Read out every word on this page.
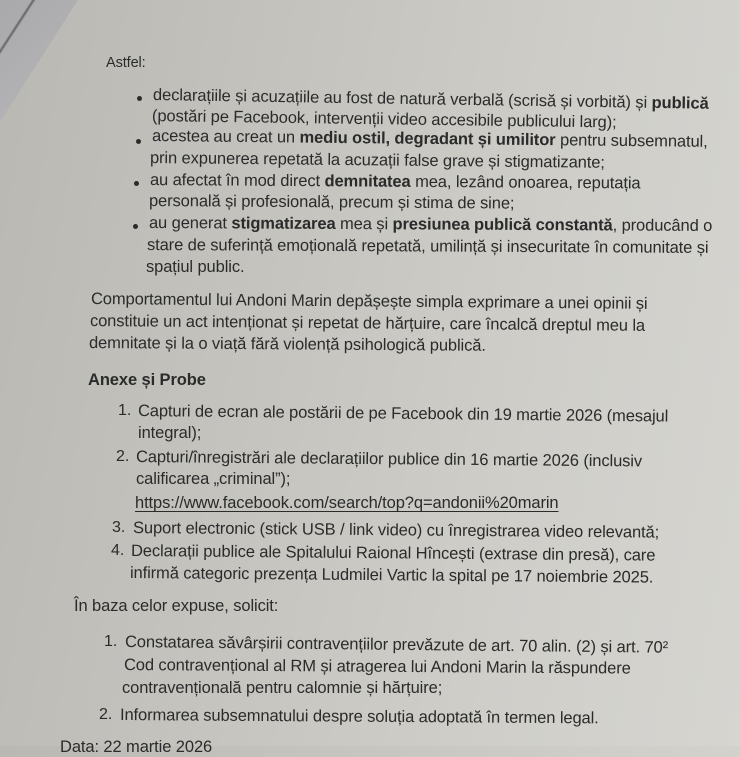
Astfel:
declarațiile și acuzațiile au fost de natură verbală (scrisă și vorbită) și publică
(postări pe Facebook, intervenții video accesibile publicului larg);
acestea au creat un mediu ostil, degradant și umilitor pentru subsemnatul,
prin expunerea repetată la acuzații false grave și stigmatizante;
au afectat în mod direct demnitatea mea, lezând onoarea, reputația
personală și profesională, precum și stima de sine;
au generat stigmatizarea mea și presiunea publică constantă, producând o
stare de suferință emoțională repetată, umilință și insecuritate în comunitate și
spațiul public.
Comportamentul lui Andoni Marin depășește simpla exprimare a unei opinii și
constituie un act intenționat și repetat de hărțuire, care încalcă dreptul meu la
demnitate și la o viață fără violență psihologică publică.
Anexe și Probe
1. Capturi de ecran ale postării de pe Facebook din 19 martie 2026 (mesajul
integral);
2. Capturi/înregistrări ale declarațiilor publice din 16 martie 2026 (inclusiv
calificarea „criminal”);
https://www.facebook.com/search/top?q=andonii%20marin
3. Suport electronic (stick USB / link video) cu înregistrarea video relevantă;
4. Declarații publice ale Spitalului Raional Hîncești (extrase din presă), care
infirmă categoric prezența Ludmilei Vartic la spital pe 17 noiembrie 2025.
În baza celor expuse, solicit:
1. Constatarea săvârșirii contravențiilor prevăzute de art. 70 alin. (2) și art. 70²
Cod contravențional al RM și atragerea lui Andoni Marin la răspundere
contravențională pentru calomnie și hărțuire;
2. Informarea subsemnatului despre soluția adoptată în termen legal.
Data: 22 martie 2026
